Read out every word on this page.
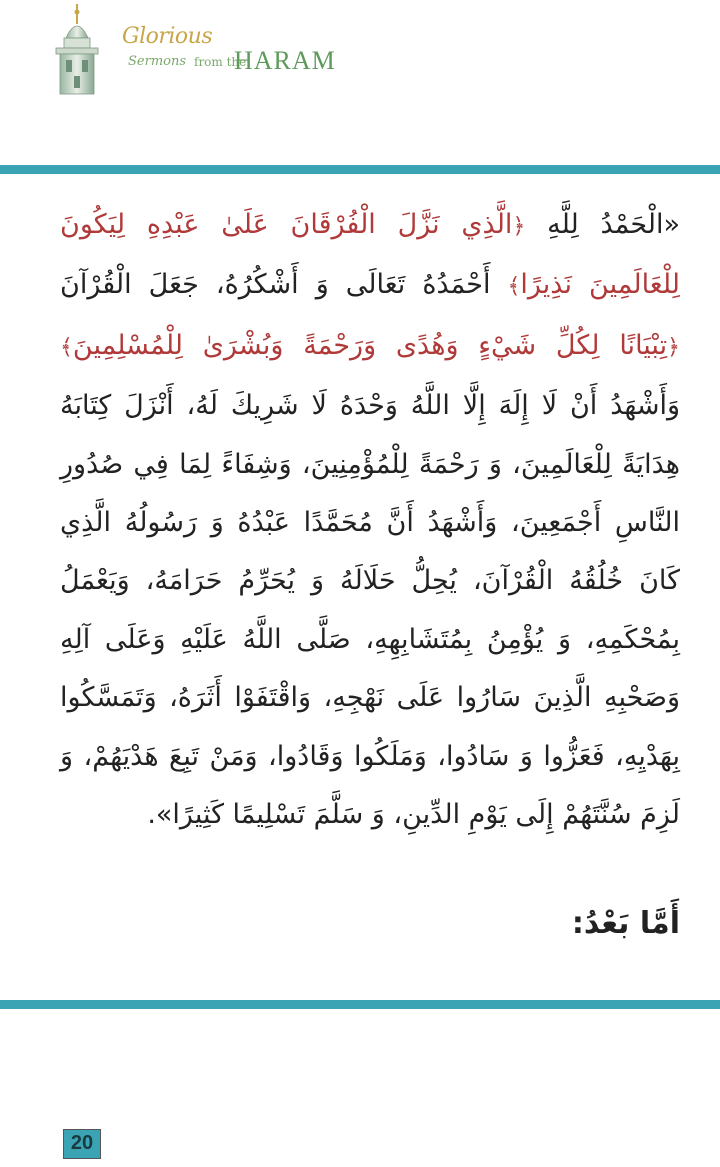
Glorious
Sermons from the
HARAM

«الْحَمْدُ لِلَّهِ ﴿الَّذِي نَزَّلَ الْفُرْقَانَ عَلَىٰ عَبْدِهِ لِيَكُونَ لِلْعَالَمِينَ نَذِيرًا﴾ أَحْمَدُهُ تَعَالَى وَ أَشْكُرُهُ، جَعَلَ الْقُرْآنَ ﴿تِبْيَانًا لِكُلِّ شَيْءٍ وَهُدًى وَرَحْمَةً وَبُشْرَىٰ لِلْمُسْلِمِينَ﴾وَأَشْهَدُ أَنْ لَا إِلَهَ إِلَّا اللَّهُ وَحْدَهُ لَا شَرِيكَ لَهُ، أَنْزَلَ كِتَابَهُ هِدَايَةً لِلْعَالَمِينَ، وَ رَحْمَةً لِلْمُؤْمِنِينَ، وَشِفَاءً لِمَا فِي صُدُورِ النَّاسِ أَجْمَعِينَ، وَأَشْهَدُ أَنَّ مُحَمَّدًا عَبْدُهُ وَ رَسُولُهُ الَّذِي كَانَ خُلُقُهُ الْقُرْآنَ، يُحِلُّ حَلَالَهُ وَ يُحَرِّمُ حَرَامَهُ، وَيَعْمَلُ بِمُحْكَمِهِ، وَ يُؤْمِنُ بِمُتَشَابِهِهِ، صَلَّى اللَّهُ عَلَيْهِ وَعَلَى آلِهِ وَصَحْبِهِ الَّذِينَ سَارُوا عَلَى نَهْجِهِ، وَاقْتَفَوْا أَثَرَهُ، وَتَمَسَّكُوا بِهَدْيِهِ، فَعَزُّوا وَ سَادُوا، وَمَلَكُوا وَقَادُوا، وَمَنْ تَبِعَ هَدْيَهُمْ، وَ لَزِمَ سُنَّتَهُمْ إِلَى يَوْمِ الدِّينِ، وَ سَلَّمَ تَسْلِيمًا كَثِيرًا».

أَمَّا بَعْدُ:
20
